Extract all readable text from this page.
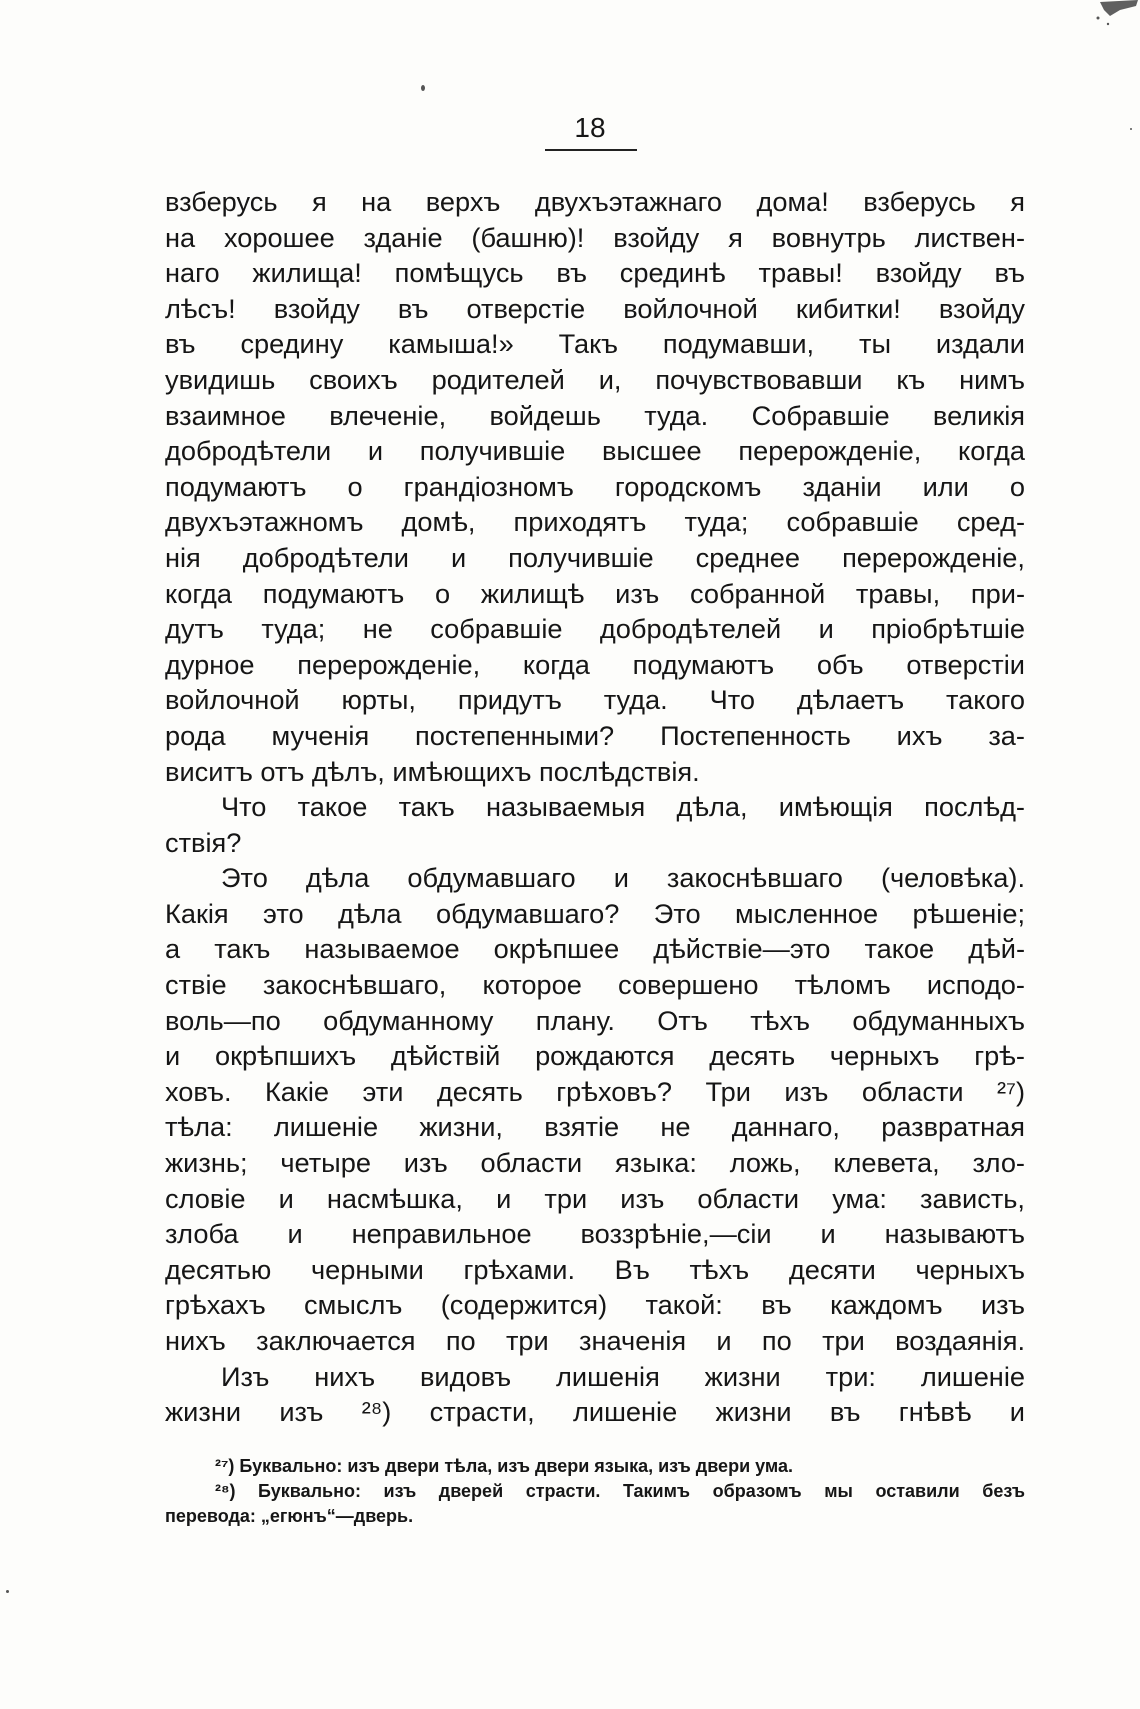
18
взберусь я на верхъ двухъэтажнаго дома! взберусь я
на хорошее зданіе (башню)! взойду я вовнутрь листвен-
наго жилища! помѣщусь въ срединѣ травы! взойду въ
лѣсъ! взойду въ отверстіе войлочной кибитки! взойду
въ средину камыша!» Такъ подумавши, ты издали
увидишь своихъ родителей и, почувствовавши къ нимъ
взаимное влеченіе, войдешь туда. Собравшіе великія
добродѣтели и получившіе высшее перерожденіе, когда
подумаютъ о грандіозномъ городскомъ зданіи или о
двухъэтажномъ домѣ, приходятъ туда; собравшіе сред-
нія добродѣтели и получившіе среднее перерожденіе,
когда подумаютъ о жилищѣ изъ собранной травы, при-
дутъ туда; не собравшіе добродѣтелей и пріобрѣтшіе
дурное перерожденіе, когда подумаютъ объ отверстіи
войлочной юрты, придутъ туда. Что дѣлаетъ такого
рода мученія постепенными? Постепенность ихъ за-
виситъ отъ дѣлъ, имѣющихъ послѣдствія.
Что такое такъ называемыя дѣла, имѣющія послѣд-
ствія?
Это дѣла обдумавшаго и закоснѣвшаго (человѣка).
Какія это дѣла обдумавшаго? Это мысленное рѣшеніе;
а такъ называемое окрѣпшее дѣйствіе—это такое дѣй-
ствіе закоснѣвшаго, которое совершено тѣломъ исподо-
воль—по обдуманному плану. Отъ тѣхъ обдуманныхъ
и окрѣпшихъ дѣйствій рождаются десять черныхъ грѣ-
ховъ. Какіе эти десять грѣховъ? Три изъ области ²⁷)
тѣла: лишеніе жизни, взятіе не даннаго, развратная
жизнь; четыре изъ области языка: ложь, клевета, зло-
словіе и насмѣшка, и три изъ области ума: зависть,
злоба и неправильное воззрѣніе,—сіи и называютъ
десятью черными грѣхами. Въ тѣхъ десяти черныхъ
грѣхахъ смыслъ (содержится) такой: въ каждомъ изъ
нихъ заключается по три значенія и по три воздаянія.
Изъ нихъ видовъ лишенія жизни три: лишеніе
жизни изъ ²⁸) страсти, лишеніе жизни въ гнѣвѣ и
²⁷) Буквально: изъ двери тѣла, изъ двери языка, изъ двери ума.
²⁸) Буквально: изъ дверей страсти. Такимъ образомъ мы оставили безъ
перевода: „егюнъ“—дверь.
